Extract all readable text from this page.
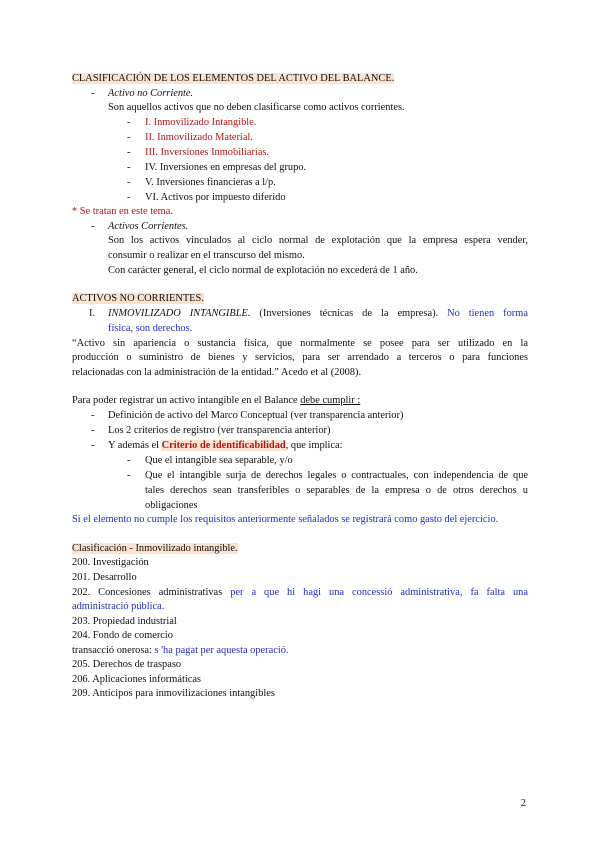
CLASIFICACIÓN DE LOS ELEMENTOS DEL ACTIVO DEL BALANCE.
- Activo no Corriente.
Son aquellos activos que no deben clasificarse como activos corrientes.
- I. Inmovilizado Intangible.
- II. Inmovilizado Material.
- III. Inversiones Inmobiliarias.
- IV. Inversiones en empresas del grupo.
- V. Inversiones financieras a l/p.
- VI. Activos por impuesto diferido
* Se tratan en este tema.
- Activos Corrientes.
Son los activos vinculados al ciclo normal de explotación que la empresa espera vender,
consumir o realizar en el transcurso del mismo.
Con carácter general, el ciclo normal de explotación no excederá de 1 año.
ACTIVOS NO CORRIENTES.
I. INMOVILIZADO INTANGIBLE. (Inversiones técnicas de la empresa). No tienen forma
física, son derechos.
“Activo sin apariencia o sustancia física, que normalmente se posee para ser utilizado en la
producción o suministro de bienes y servicios, para ser arrendado a terceros o para funciones
relacionadas con la administración de la entidad.” Acedo et al (2008).
Para poder registrar un activo intangible en el Balance debe cumplir :
- Definición de activo del Marco Conceptual (ver transparencia anterior)
- Los 2 criterios de registro (ver transparencia anterior)
- Y además el Criterio de identificabilidad, que implica:
- Que el intangible sea separable, y/o
- Que el intangible surja de derechos legales o contractuales, con independencia de que
tales derechos sean transferibles o separables de la empresa o de otros derechos u
obligaciones
Si el elemento no cumple los requisitos anteriormente señalados se registrará como gasto del ejercicio.
Clasificación - Inmovilizado intangible.
200. Investigación
201. Desarrollo
202. Concesiones administrativas per a que hi hagi una concessió administrativa, fa falta una
administració pública.
203. Propiedad industrial
204. Fondo de comercio
transacció onerosa: s 'ha pagat per aquesta operació.
205. Derechos de traspaso
206. Aplicaciones informáticas
209. Anticipos para inmovilizaciones intangibles
2
